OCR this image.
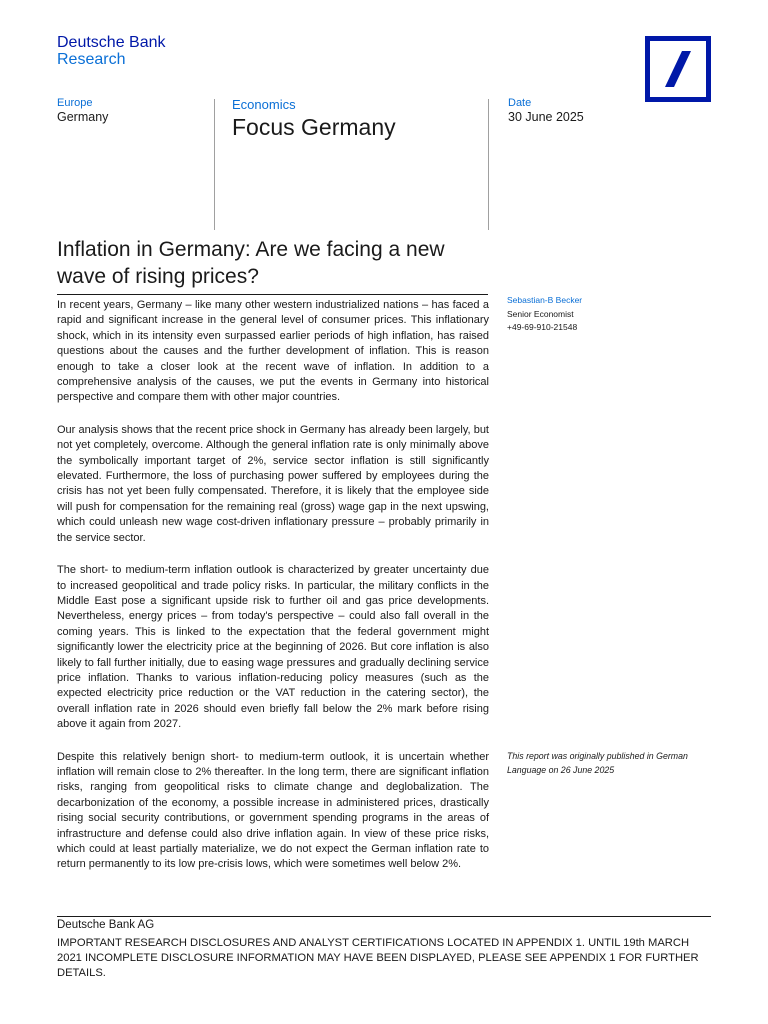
Deutsche Bank
Research
Europe
Germany
Economics
Focus Germany
Date
30 June 2025
Inflation in Germany: Are we facing a new wave of rising prices?

In recent years, Germany – like many other western industrialized nations – has faced a rapid and significant increase in the general level of consumer prices. This inflationary shock, which in its intensity even surpassed earlier periods of high inflation, has raised questions about the causes and the further development of inflation. This is reason enough to take a closer look at the recent wave of inflation. In addition to a comprehensive analysis of the causes, we put the events in Germany into historical perspective and compare them with other major countries.

Our analysis shows that the recent price shock in Germany has already been largely, but not yet completely, overcome. Although the general inflation rate is only minimally above the symbolically important target of 2%, service sector inflation is still significantly elevated. Furthermore, the loss of purchasing power suffered by employees during the crisis has not yet been fully compensated. Therefore, it is likely that the employee side will push for compensation for the remaining real (gross) wage gap in the next upswing, which could unleash new wage cost-driven inflationary pressure – probably primarily in the service sector.

The short- to medium-term inflation outlook is characterized by greater uncertainty due to increased geopolitical and trade policy risks. In particular, the military conflicts in the Middle East pose a significant upside risk to further oil and gas price developments. Nevertheless, energy prices – from today's perspective – could also fall overall in the coming years. This is linked to the expectation that the federal government might significantly lower the electricity price at the beginning of 2026. But core inflation is also likely to fall further initially, due to easing wage pressures and gradually declining service price inflation. Thanks to various inflation-reducing policy measures (such as the expected electricity price reduction or the VAT reduction in the catering sector), the overall inflation rate in 2026 should even briefly fall below the 2% mark before rising above it again from 2027.

Despite this relatively benign short- to medium-term outlook, it is uncertain whether inflation will remain close to 2% thereafter. In the long term, there are significant inflation risks, ranging from geopolitical risks to climate change and deglobalization. The decarbonization of the economy, a possible increase in administered prices, drastically rising social security contributions, or government spending programs in the areas of infrastructure and defense could also drive inflation again. In view of these price risks, which could at least partially materialize, we do not expect the German inflation rate to return permanently to its low pre-crisis lows, which were sometimes well below 2%.

Sebastian-B Becker
Senior Economist
+49-69-910-21548
This report was originally published in German Language on 26 June 2025
Deutsche Bank AG
IMPORTANT RESEARCH DISCLOSURES AND ANALYST CERTIFICATIONS LOCATED IN APPENDIX 1. UNTIL 19th MARCH 2021 INCOMPLETE DISCLOSURE INFORMATION MAY HAVE BEEN DISPLAYED, PLEASE SEE APPENDIX 1 FOR FURTHER DETAILS.
